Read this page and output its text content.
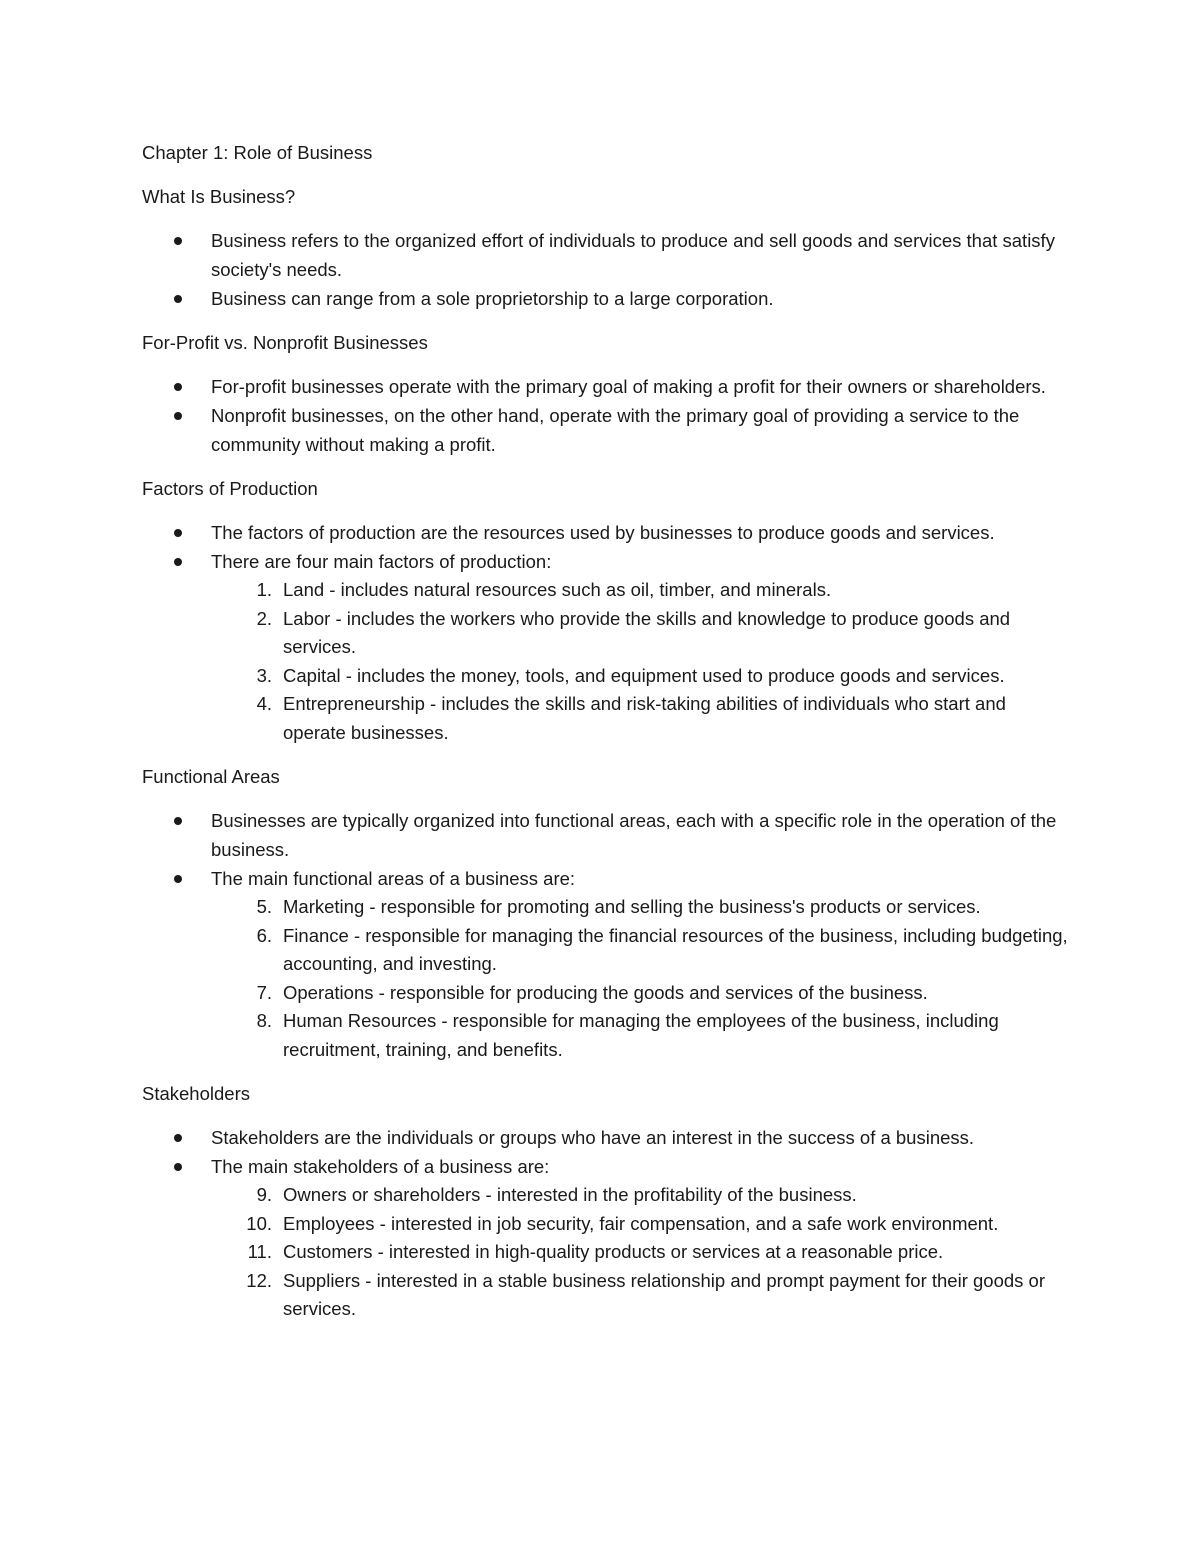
Chapter 1: Role of Business

What Is Business?

Business refers to the organized effort of individuals to produce and sell goods and services that satisfy society's needs.
Business can range from a sole proprietorship to a large corporation.

For-Profit vs. Nonprofit Businesses

For-profit businesses operate with the primary goal of making a profit for their owners or shareholders.
Nonprofit businesses, on the other hand, operate with the primary goal of providing a service to the community without making a profit.

Factors of Production

The factors of production are the resources used by businesses to produce goods and services.
There are four main factors of production:
1. Land - includes natural resources such as oil, timber, and minerals.
2. Labor - includes the workers who provide the skills and knowledge to produce goods and services.
3. Capital - includes the money, tools, and equipment used to produce goods and services.
4. Entrepreneurship - includes the skills and risk-taking abilities of individuals who start and operate businesses.

Functional Areas

Businesses are typically organized into functional areas, each with a specific role in the operation of the business.
The main functional areas of a business are:
5. Marketing - responsible for promoting and selling the business's products or services.
6. Finance - responsible for managing the financial resources of the business, including budgeting, accounting, and investing.
7. Operations - responsible for producing the goods and services of the business.
8. Human Resources - responsible for managing the employees of the business, including recruitment, training, and benefits.

Stakeholders

Stakeholders are the individuals or groups who have an interest in the success of a business.
The main stakeholders of a business are:
9. Owners or shareholders - interested in the profitability of the business.
10. Employees - interested in job security, fair compensation, and a safe work environment.
11. Customers - interested in high-quality products or services at a reasonable price.
12. Suppliers - interested in a stable business relationship and prompt payment for their goods or services.
